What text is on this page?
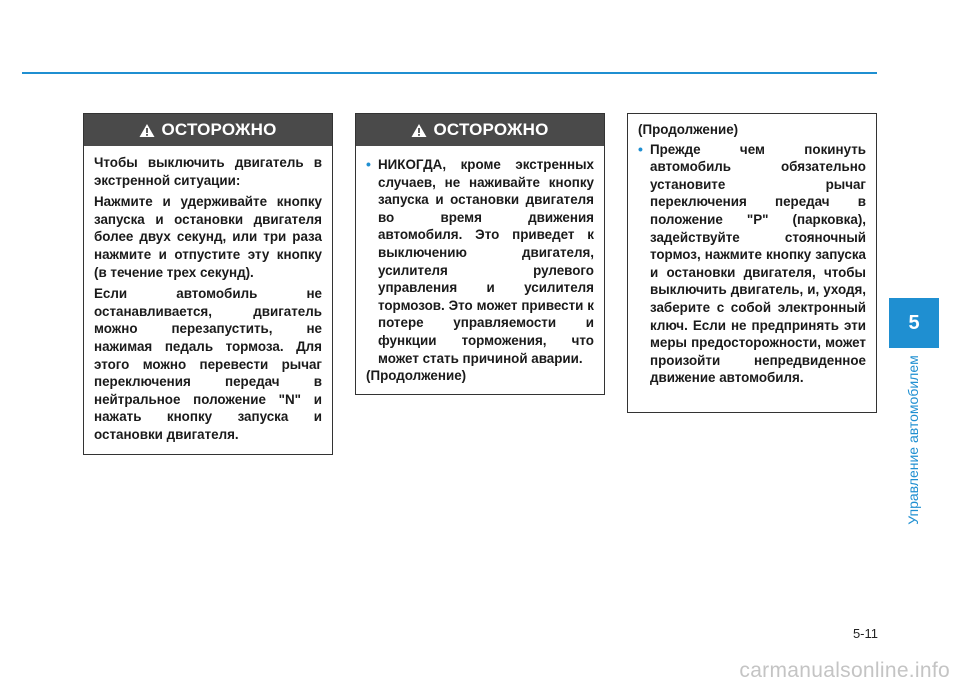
ОСТОРОЖНО

Чтобы выключить двигатель в экстренной ситуации:

Нажмите и удерживайте кнопку запуска и остановки двигателя более двух секунд, или три раза нажмите и отпустите эту кнопку (в течение трех секунд).

Если автомобиль не останавливается, двигатель можно перезапустить, не нажимая педаль тормоза. Для этого можно перевести рычаг переключения передач в нейтральное положение "N" и нажать кнопку запуска и остановки двигателя.

ОСТОРОЖНО
• НИКОГДА, кроме экстренных случаев, не наживайте кнопку запуска и остановки двигателя во время движения автомобиля. Это приведет к выключению двигателя, усилителя рулевого управления и усилителя тормозов. Это может привести к потере управляемости и функции торможения, что может стать причиной аварии.
(Продолжение)

(Продолжение)

• Прежде чем покинуть автомобиль обязательно установите рычаг переключения передач в положение "P" (парковка), задействуйте стояночный тормоз, нажмите кнопку запуска и остановки двигателя, чтобы выключить двигатель, и, уходя, заберите с собой электронный ключ. Если не предпринять эти меры предосторожности, может произойти непредвиденное движение автомобиля.
5
Управление автомобилем
5-11
carmanualsonline.info
